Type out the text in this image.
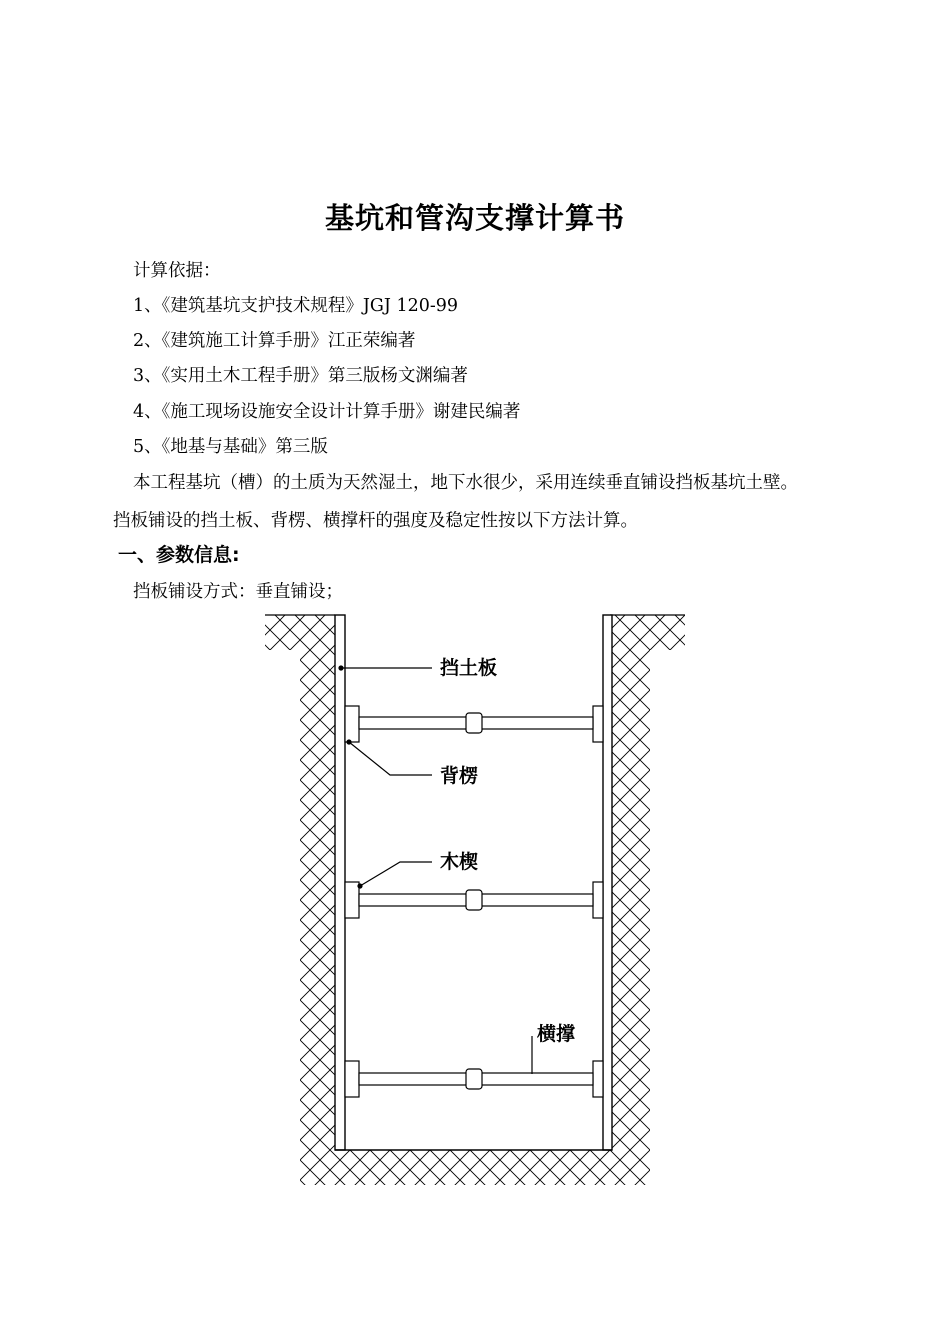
基坑和管沟支撑计算书
计算依据：
1、《建筑基坑支护技术规程》JGJ 120-99
2、《建筑施工计算手册》江正荣编著
3、《实用土木工程手册》第三版杨文渊编著
4、《施工现场设施安全设计计算手册》谢建民编著
5、《地基与基础》第三版
本工程基坑（槽）的土质为天然湿土，地下水很少，采用连续垂直铺设挡板基坑土壁。
挡板铺设的挡土板、背楞、横撑杆的强度及稳定性按以下方法计算。
一、参数信息:
挡板铺设方式：垂直铺设；
挡土板
背楞
木楔
横撑
